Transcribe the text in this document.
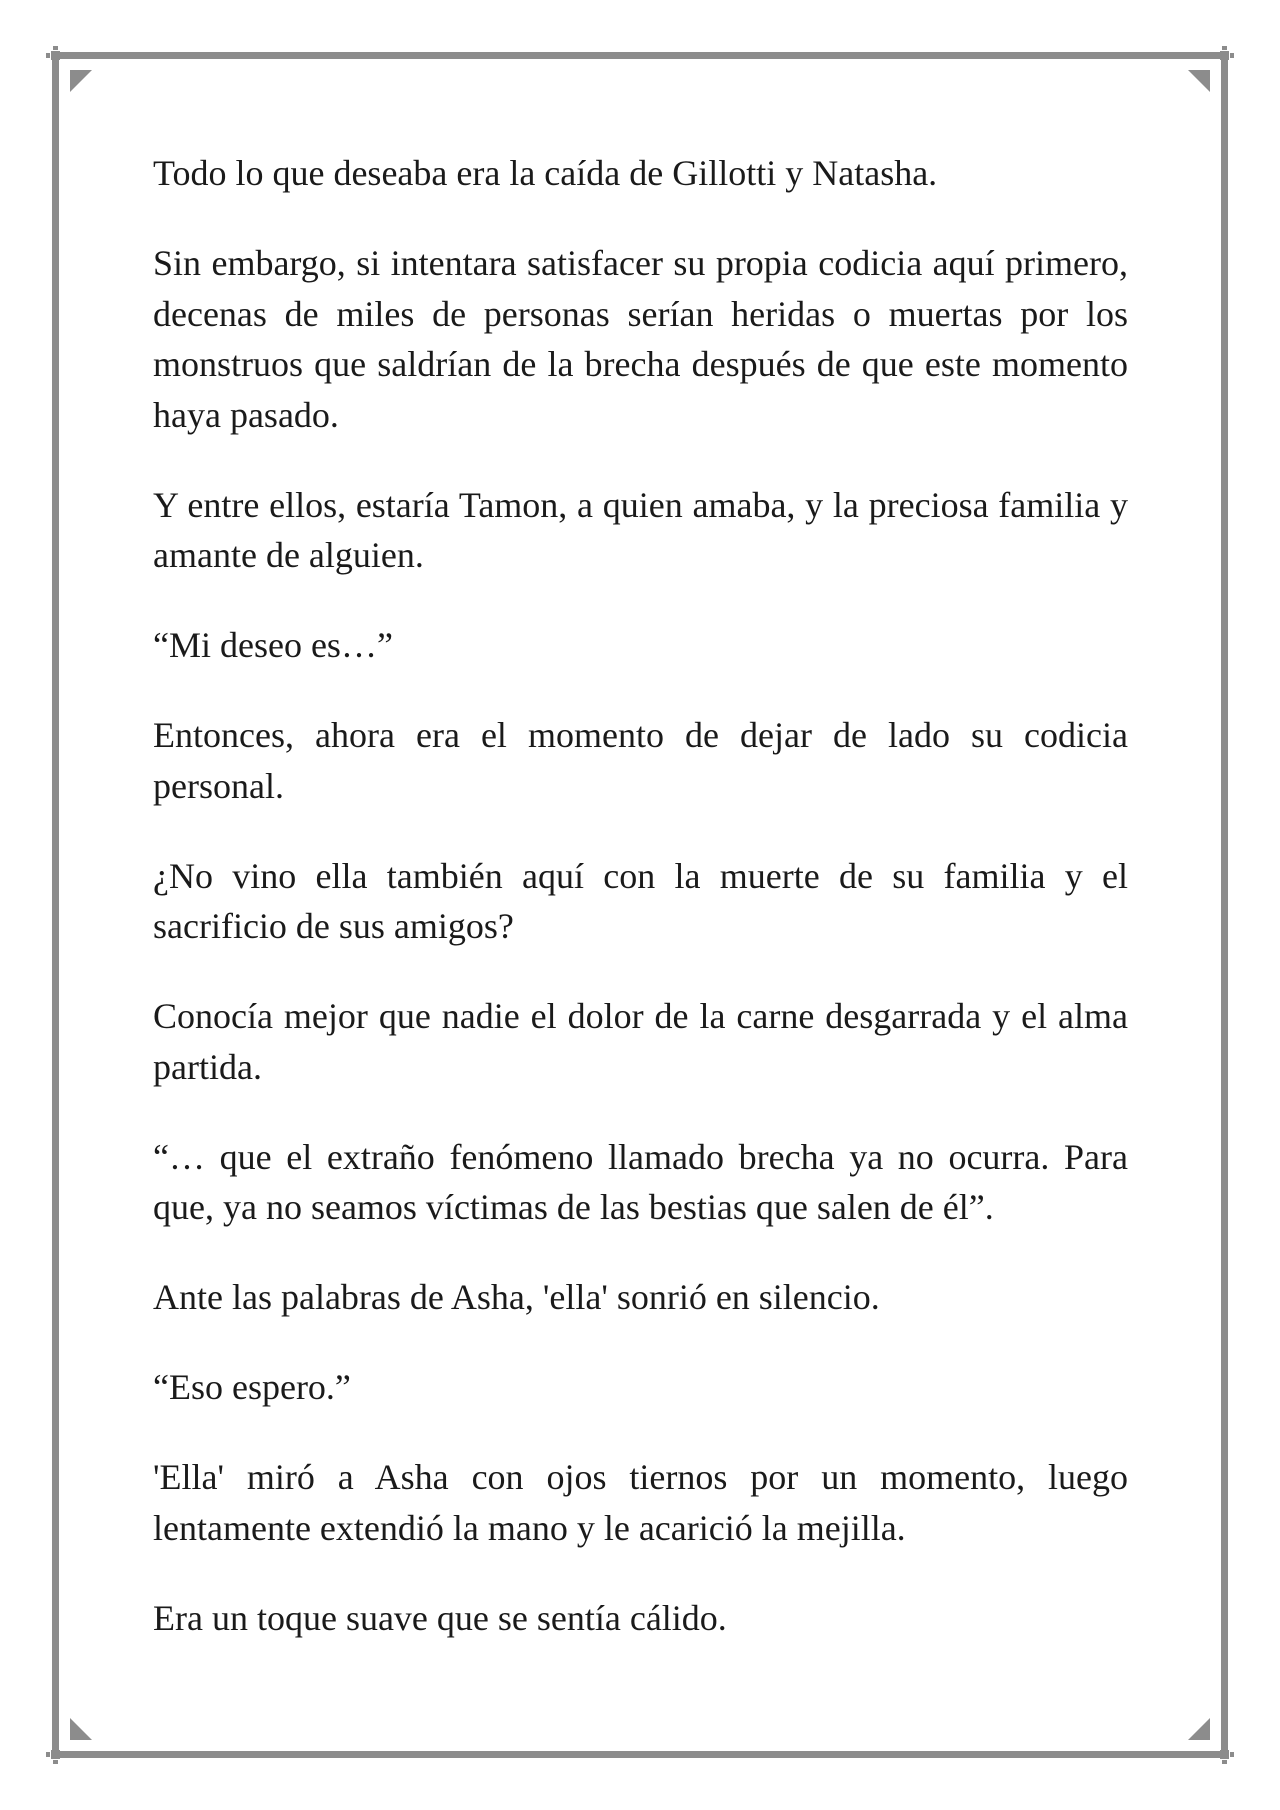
Todo lo que deseaba era la caída de Gillotti y Natasha.

Sin embargo, si intentara satisfacer su propia codicia aquí primero, decenas de miles de personas serían heridas o muertas por los monstruos que saldrían de la brecha después de que este momento haya pasado.

Y entre ellos, estaría Tamon, a quien amaba, y la preciosa familia y amante de alguien.

“Mi deseo es…”

Entonces, ahora era el momento de dejar de lado su codicia personal.

¿No vino ella también aquí con la muerte de su familia y el sacrificio de sus amigos?

Conocía mejor que nadie el dolor de la carne desgarrada y el alma partida.

“… que el extraño fenómeno llamado brecha ya no ocurra. Para que, ya no seamos víctimas de las bestias que salen de él”.

Ante las palabras de Asha, 'ella' sonrió en silencio.

“Eso espero.”

'Ella' miró a Asha con ojos tiernos por un momento, luego lentamente extendió la mano y le acarició la mejilla.

Era un toque suave que se sentía cálido.
